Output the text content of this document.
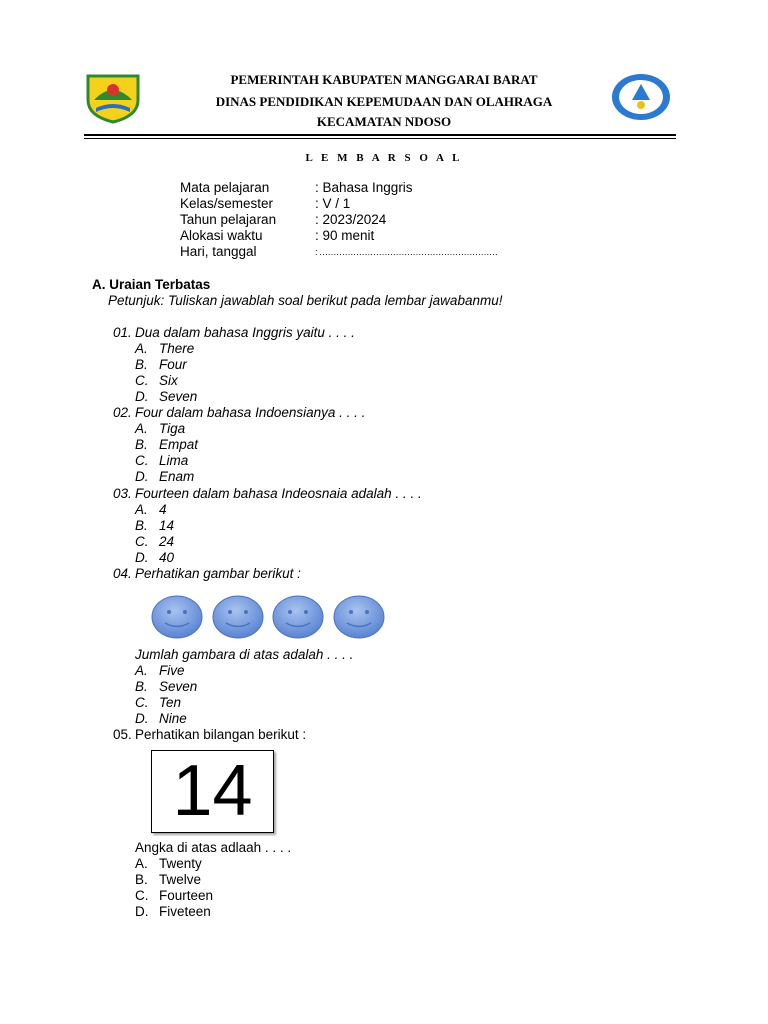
PEMERINTAH KABUPATEN MANGGARAI BARAT
DINAS PENDIDIKAN KEPEMUDAAN DAN OLAHRAGA
KECAMATAN NDOSO
L E M B A R S O A L
Mata pelajaran	: Bahasa Inggris
Kelas/semester	: V / 1
Tahun pelajaran	: 2023/2024
Alokasi waktu	: 90 menit
Hari, tanggal	: ………………………………………………………
A. Uraian Terbatas
Petunjuk: Tuliskan jawablah soal berikut pada lembar jawabanmu!
01. Dua dalam bahasa Inggris yaitu . . . .
A. There
B. Four
C. Six
D. Seven
02. Four dalam bahasa Indoensianya . . . .
A. Tiga
B. Empat
C. Lima
D. Enam
03. Fourteen dalam bahasa Indeosnaia adalah . . . .
A. 4
B. 14
C. 24
D. 40
04. Perhatikan gambar berikut :
Jumlah gambara di atas adalah . . . .
A. Five
B. Seven
C. Ten
D. Nine
05. Perhatikan bilangan berikut :
14
Angka di atas adlaah . . . .
A. Twenty
B. Twelve
C. Fourteen
D. Fiveteen
